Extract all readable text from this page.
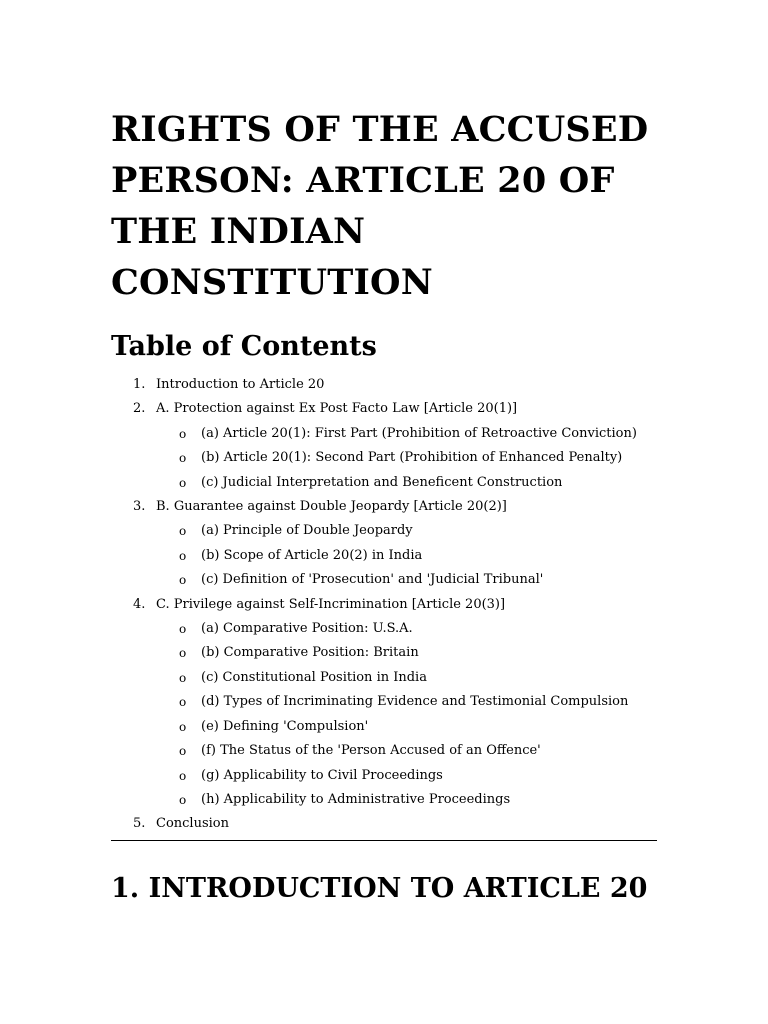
RIGHTS OF THE ACCUSED PERSON: ARTICLE 20 OF THE INDIAN CONSTITUTION
Table of Contents
1. Introduction to Article 20
2. A. Protection against Ex Post Facto Law [Article 20(1)]
o (a) Article 20(1): First Part (Prohibition of Retroactive Conviction)
o (b) Article 20(1): Second Part (Prohibition of Enhanced Penalty)
o (c) Judicial Interpretation and Beneficent Construction
3. B. Guarantee against Double Jeopardy [Article 20(2)]
o (a) Principle of Double Jeopardy
o (b) Scope of Article 20(2) in India
o (c) Definition of 'Prosecution' and 'Judicial Tribunal'
4. C. Privilege against Self-Incrimination [Article 20(3)]
o (a) Comparative Position: U.S.A.
o (b) Comparative Position: Britain
o (c) Constitutional Position in India
o (d) Types of Incriminating Evidence and Testimonial Compulsion
o (e) Defining 'Compulsion'
o (f) The Status of the 'Person Accused of an Offence'
o (g) Applicability to Civil Proceedings
o (h) Applicability to Administrative Proceedings
5. Conclusion
1. INTRODUCTION TO ARTICLE 20
